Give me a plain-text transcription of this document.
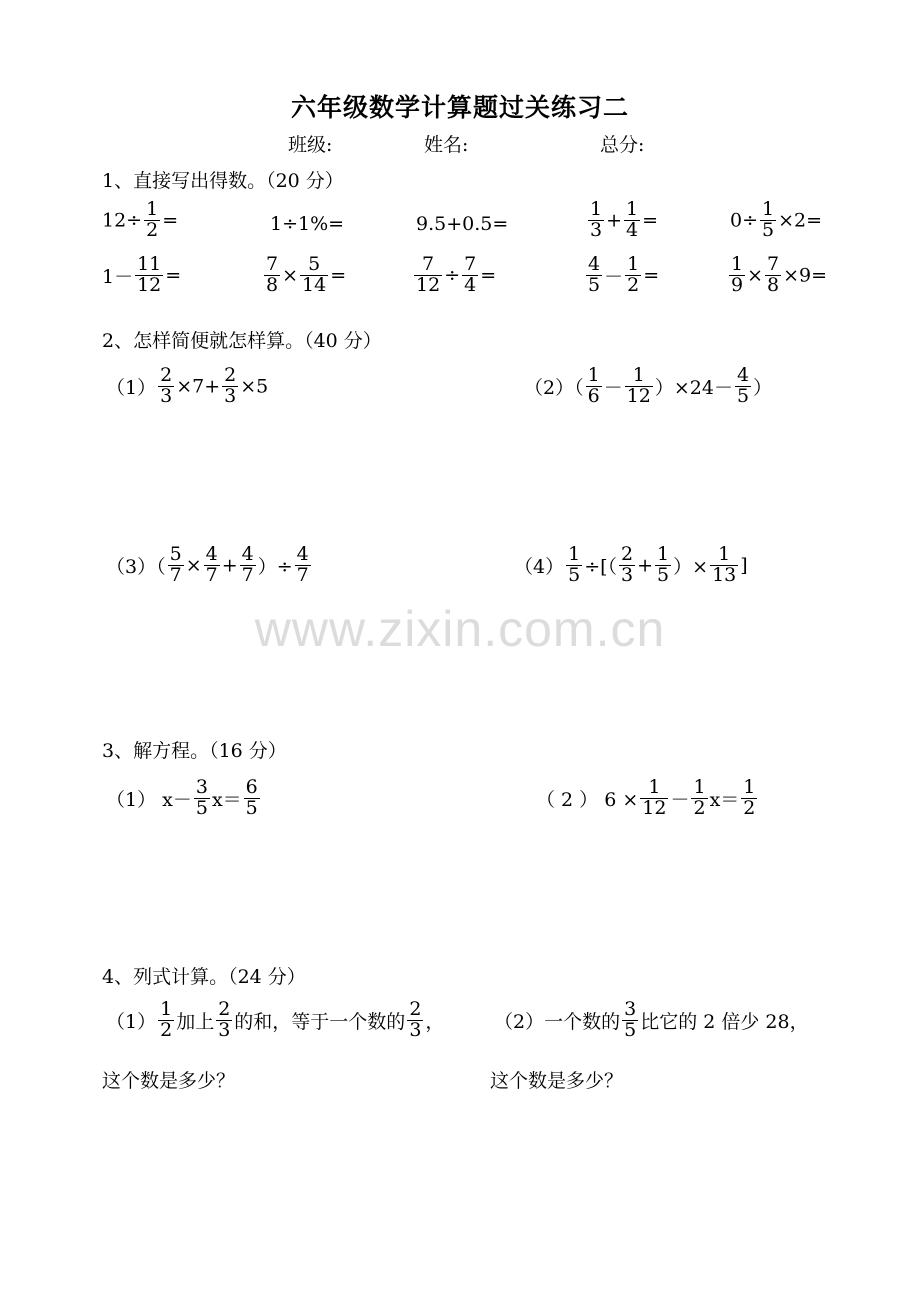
六年级数学计算题过关练习二
班级:	姓名:	总分:
1、直接写出得数。（20 分）
$12\div \frac{1}{2}$ =	1÷1%=	9.5+0.5=	$\frac{1}{3} + \frac{1}{4}$ =	$0\div \frac{1}{5} \times 2=$
$1- \frac{11}{12}$ =	$\frac{7}{8} \times \frac{5}{14}$ =	$\frac{7}{12} \div \frac{7}{4}$ =	$\frac{4}{5} - \frac{1}{2}$ =	$\frac{1}{9} \times \frac{7}{8} \times 9=$
2、怎样简便就怎样算。（40 分）
$(1) \frac{2}{3} \times 7+ \frac{2}{3} \times 5$	$(2)( \frac{1}{6} - \frac{1}{12} )\times 24- \frac{4}{5}$ ）
$(3)( \frac{5}{7} \times \frac{4}{7} + \frac{4}{7}$ ）÷ $\frac{4}{7}$	$(4) \frac{1}{5}$ ÷[（ $\frac{2}{3} + \frac{1}{5}$ ）× $\frac{1}{13}$ ]
www.zixin.com.cn
3、解方程。（16 分）
（1） $x- \frac{3}{5} x= \frac{6}{5}$	（ 2 ） $6 \times \frac{1}{12} - \frac{1}{2} x= \frac{1}{2}$
4、列式计算。（24 分）
$(1) \frac{1}{2}$ 加上 $\frac{2}{3}$ 的和，等于一个数的 $\frac{2}{3}$ ，
这个数是多少？
（2）一个数的 $\frac{3}{5}$ 比它的 2 倍少 28，
这个数是多少？
